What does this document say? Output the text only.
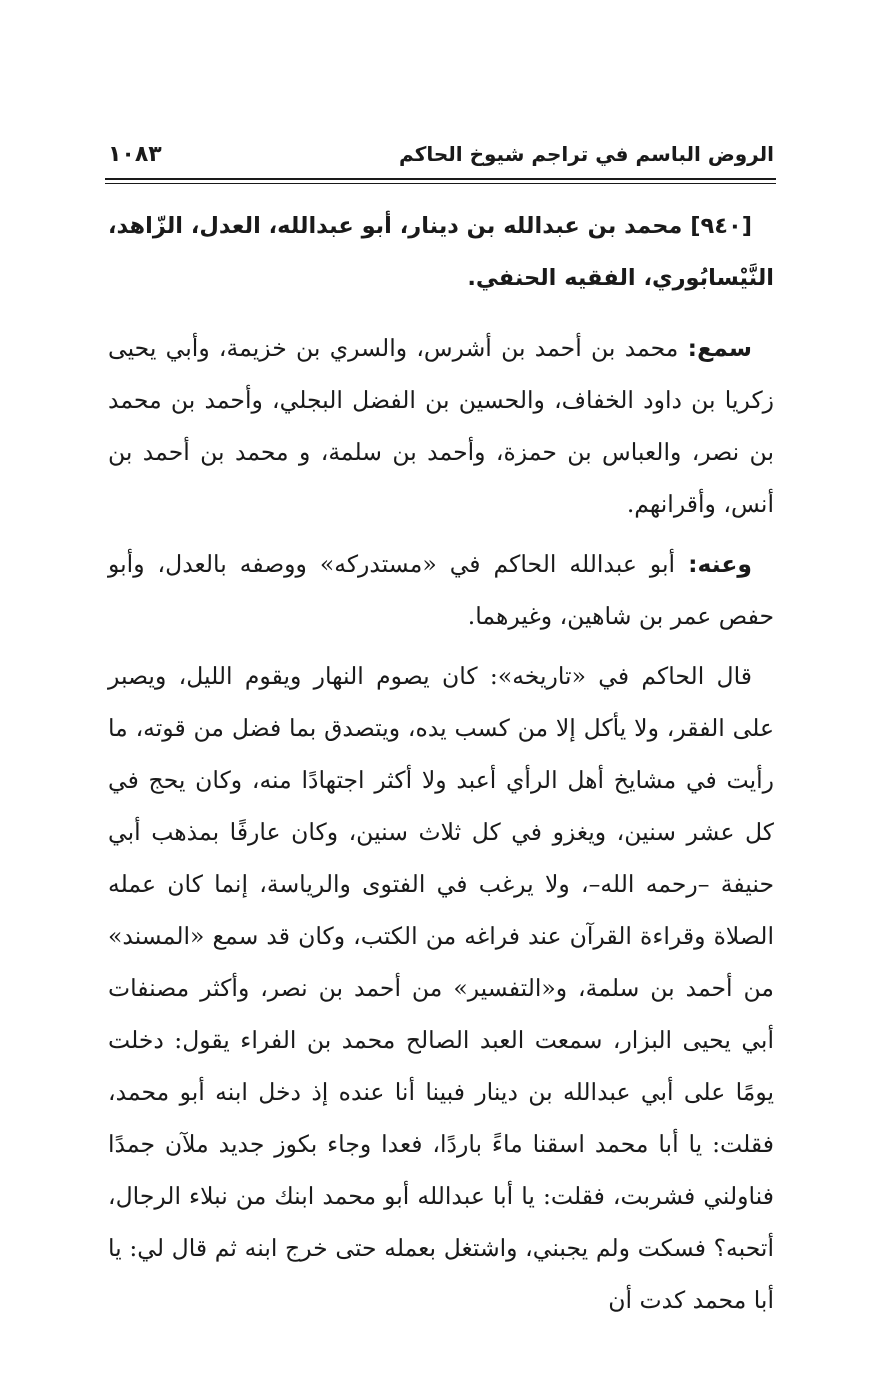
الروض الباسم في تراجم شيوخ الحاكم
١٠٨٣

[٩٤٠] محمد بن عبدالله بن دينار، أبو عبدالله، العدل، الزّاهد، النَّيْسابُوري، الفقيه الحنفي.

سمع: محمد بن أحمد بن أشرس، والسري بن خزيمة، وأبي يحيى زكريا بن داود الخفاف، والحسين بن الفضل البجلي، وأحمد بن محمد بن نصر، والعباس بن حمزة، وأحمد بن سلمة، و محمد بن أحمد بن أنس، وأقرانهم.

وعنه: أبو عبدالله الحاكم في «مستدركه» ووصفه بالعدل، وأبو حفص عمر بن شاهين، وغيرهما.

قال الحاكم في «تاريخه»: كان يصوم النهار ويقوم الليل، ويصبر على الفقر، ولا يأكل إلا من كسب يده، ويتصدق بما فضل من قوته، ما رأيت في مشايخ أهل الرأي أعبد ولا أكثر اجتهادًا منه، وكان يحج في كل عشر سنين، ويغزو في كل ثلاث سنين، وكان عارفًا بمذهب أبي حنيفة –رحمه الله–، ولا يرغب في الفتوى والرياسة، إنما كان عمله الصلاة وقراءة القرآن عند فراغه من الكتب، وكان قد سمع «المسند» من أحمد بن سلمة، و«التفسير» من أحمد بن نصر، وأكثر مصنفات أبي يحيى البزار، سمعت العبد الصالح محمد بن الفراء يقول: دخلت يومًا على أبي عبدالله بن دينار فبينا أنا عنده إذ دخل ابنه أبو محمد، فقلت: يا أبا محمد اسقنا ماءً باردًا، فعدا وجاء بكوز جديد ملآن جمدًا فناولني فشربت، فقلت: يا أبا عبدالله أبو محمد ابنك من نبلاء الرجال، أتحبه؟ فسكت ولم يجبني، واشتغل بعمله حتى خرج ابنه ثم قال لي: يا أبا محمد كدت أن
